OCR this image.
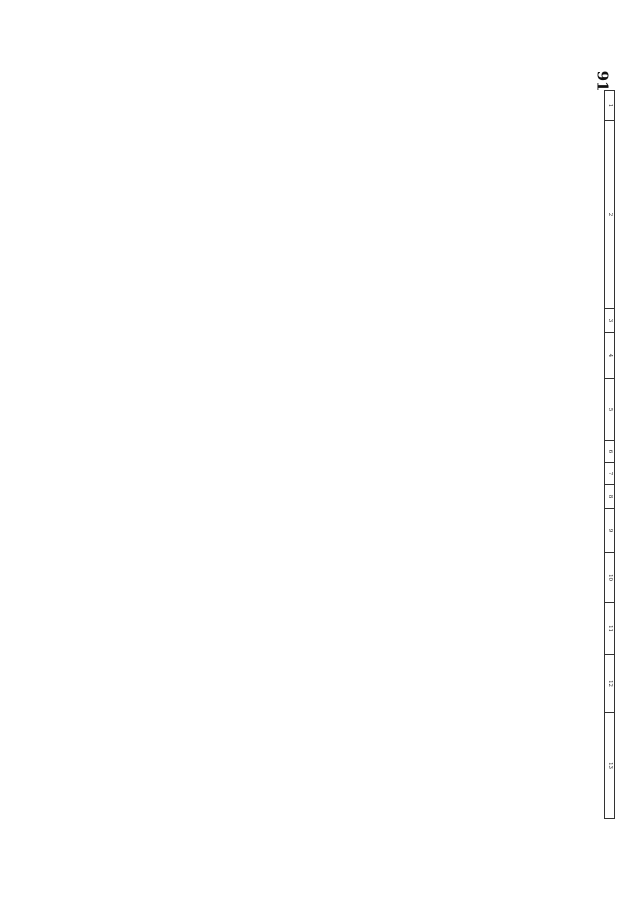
91
1	2	3	4	5	6	7	8	9	10	11	12	13
